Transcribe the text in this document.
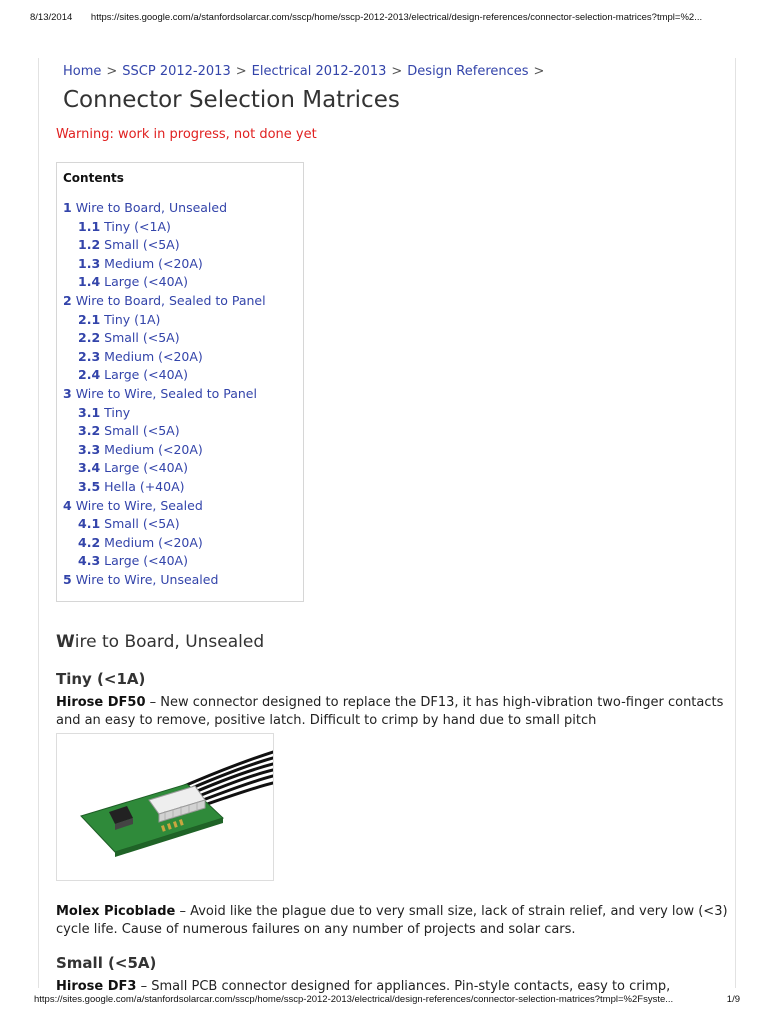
8/13/2014 https://sites.google.com/a/stanfordsolarcar.com/sscp/home/sscp-2012-2013/electrical/design-references/connector-selection-matrices?tmpl=%2...
Home > SSCP 2012-2013 > Electrical 2012-2013 > Design References >
Connector Selection Matrices
Warning: work in progress, not done yet
Contents
1 Wire to Board, Unsealed
1.1 Tiny (<1A)
1.2 Small (<5A)
1.3 Medium (<20A)
1.4 Large (<40A)
2 Wire to Board, Sealed to Panel
2.1 Tiny (1A)
2.2 Small (<5A)
2.3 Medium (<20A)
2.4 Large (<40A)
3 Wire to Wire, Sealed to Panel
3.1 Tiny
3.2 Small (<5A)
3.3 Medium (<20A)
3.4 Large (<40A)
3.5 Hella (+40A)
4 Wire to Wire, Sealed
4.1 Small (<5A)
4.2 Medium (<20A)
4.3 Large (<40A)
5 Wire to Wire, Unsealed
Wire to Board, Unsealed
Tiny (<1A)
Hirose DF50 – New connector designed to replace the DF13, it has high-vibration two-finger contacts and an easy to remove, positive latch. Difficult to crimp by hand due to small pitch
Molex Picoblade – Avoid like the plague due to very small size, lack of strain relief, and very low (<3) cycle life. Cause of numerous failures on any number of projects and solar cars.
Small (<5A)
Hirose DF3 – Small PCB connector designed for appliances. Pin-style contacts, easy to crimp,
https://sites.google.com/a/stanfordsolarcar.com/sscp/home/sscp-2012-2013/electrical/design-references/connector-selection-matrices?tmpl=%2Fsyste...	1/9
